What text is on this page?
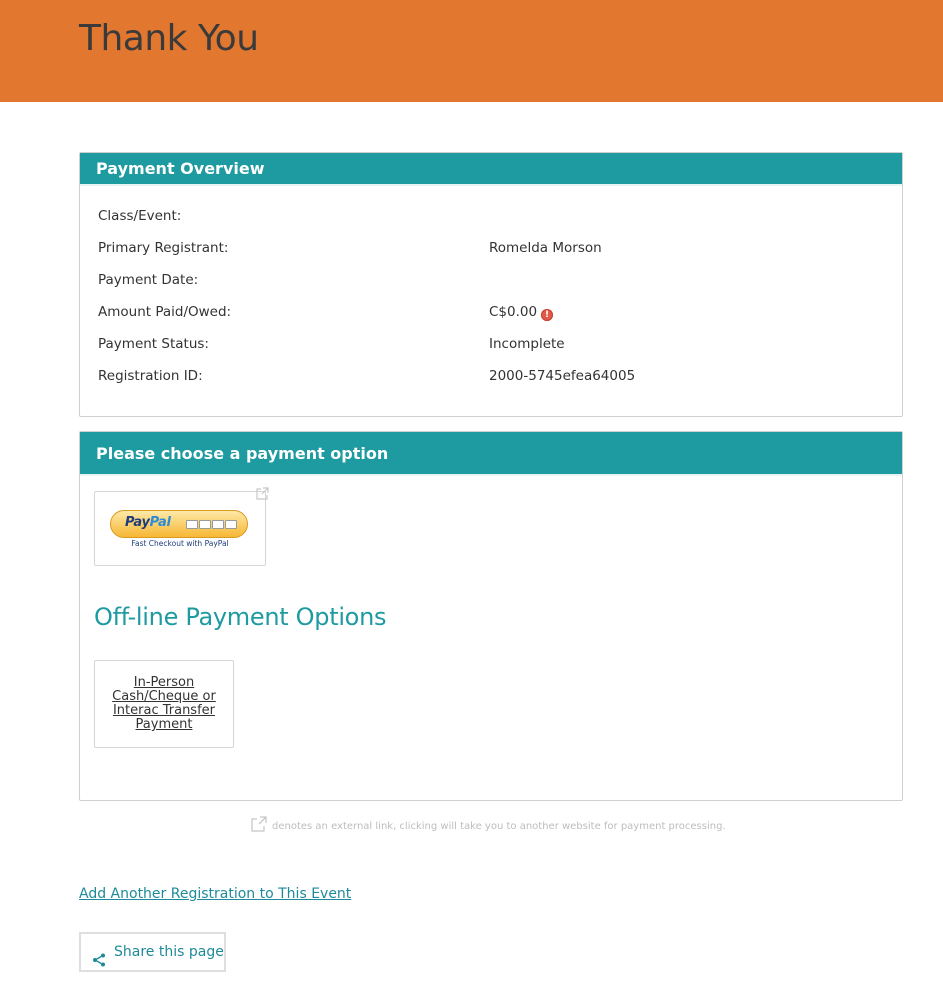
Thank You
Payment Overview
Class/Event:
Primary Registrant:	Romelda Morson
Payment Date:
Amount Paid/Owed:	C$0.00 !
Payment Status:	Incomplete
Registration ID:	2000-5745efea64005
Please choose a payment option
PayPal
Fast Checkout with PayPal
Off-line Payment Options
In-Person Cash/Cheque or Interac Transfer Payment
denotes an external link, clicking will take you to another website for payment processing.
Add Another Registration to This Event
Share this page
